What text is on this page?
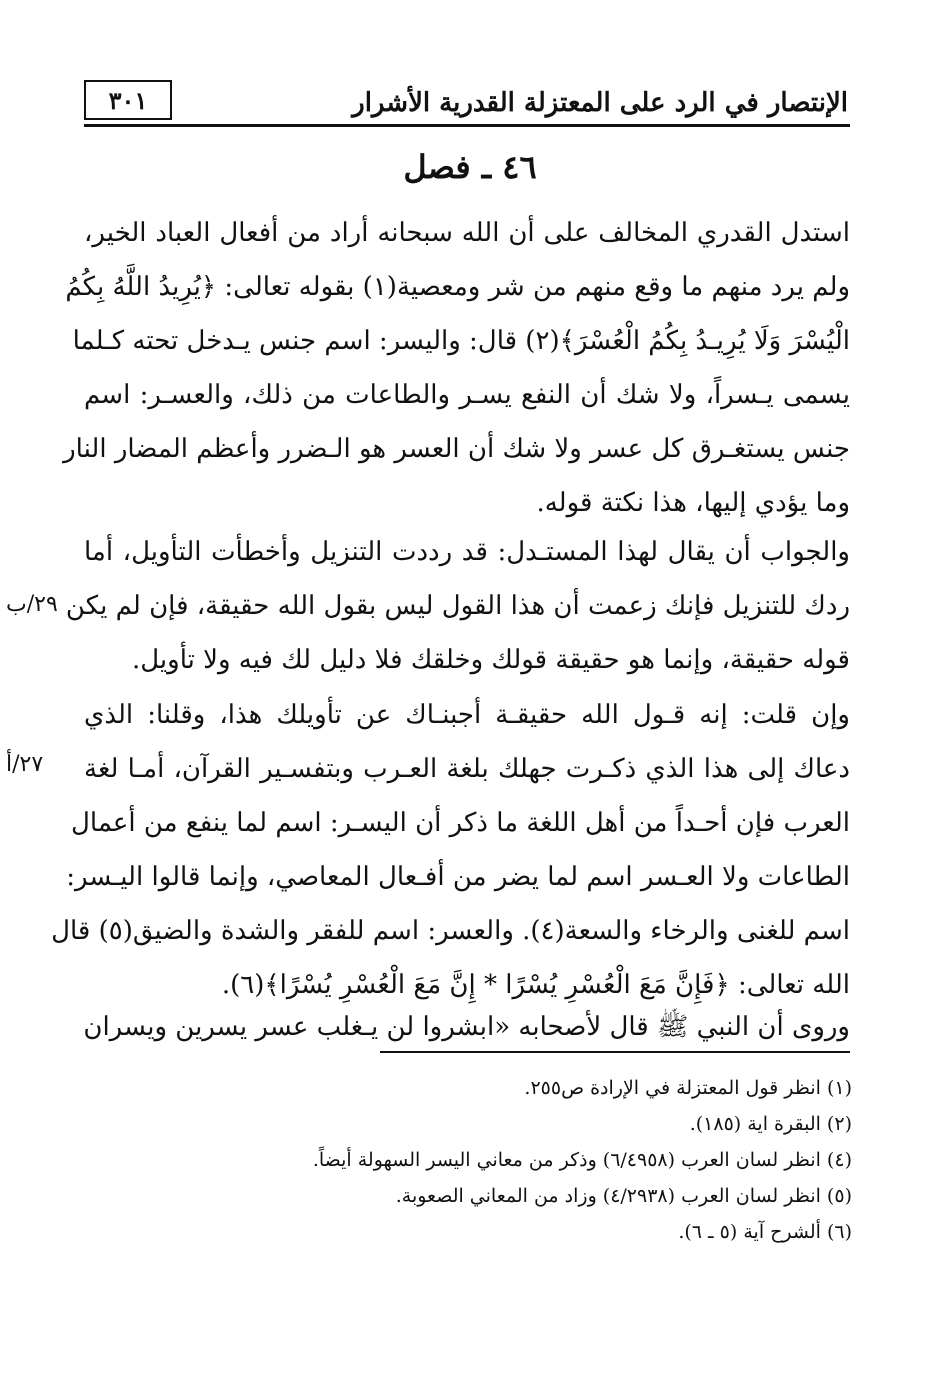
الإنتصار في الرد على المعتزلة القدرية الأشرار
٣٠١
٤٦ ـ فصل
استدل القدري المخالف على أن الله سبحانه أراد من أفعال العباد الخير،
ولم يرد منهم ما وقع منهم من شر ومعصية(١) بقوله تعالى: ﴿يُرِيدُ اللَّهُ بِكُمُ
الْيُسْرَ وَلَا يُرِيـدُ بِكُمُ الْعُسْرَ﴾(٢) قال: واليسر: اسم جنس يـدخل تحته كـلما
يسمى يـسراً، ولا شك أن النفع يسـر والطاعات من ذلك، والعسـر: اسم
جنس يستغـرق كل عسر ولا شك أن العسر هو الـضرر وأعظم المضار النار
وما يؤدي إليها، هذا نكتة قوله.
والجواب أن يقال لهذا المستـدل: قد رددت التنزيل وأخطأت التأويل، أما
ردك للتنزيل فإنك زعمت أن هذا القول ليس بقول الله حقيقة، فإن لم يكن
قوله حقيقة، وإنما هو حقيقة قولك وخلقك فلا دليل لك فيه ولا تأويل.
وإن قلت: إنه قـول الله حقيقـة أجبنـاك عن تأويلك هذا، وقلنا: الذي
دعاك إلى هذا الذي ذكـرت جهلك بلغة العـرب وبتفسـير القرآن، أمـا لغة
العرب فإن أحـداً من أهل اللغة ما ذكر أن اليسـر: اسم لما ينفع من أعمال
الطاعات ولا العـسر اسم لما يضر من أفـعال المعاصي، وإنما قالوا اليـسر:
اسم للغنى والرخاء والسعة(٤). والعسر: اسم للفقر والشدة والضيق(٥) قال
الله تعالى: ﴿فَإِنَّ مَعَ الْعُسْرِ يُسْرًا * إِنَّ مَعَ الْعُسْرِ يُسْرًا﴾(٦).
وروى أن النبي ﷺ قال لأصحابه «ابشروا لن يـغلب عسر يسرين ويسران
٢٩/ب
٢٧/أ
(١) انظر قول المعتزلة في الإرادة ص٢٥٥.
(٢) البقرة اية (١٨٥).
(٤) انظر لسان العرب (٦/٤٩٥٨) وذكر من معاني اليسر السهولة أيضاً.
(٥) انظر لسان العرب (٤/٢٩٣٨) وزاد من المعاني الصعوبة.
(٦) ألشرح آية (٥ ـ ٦).
